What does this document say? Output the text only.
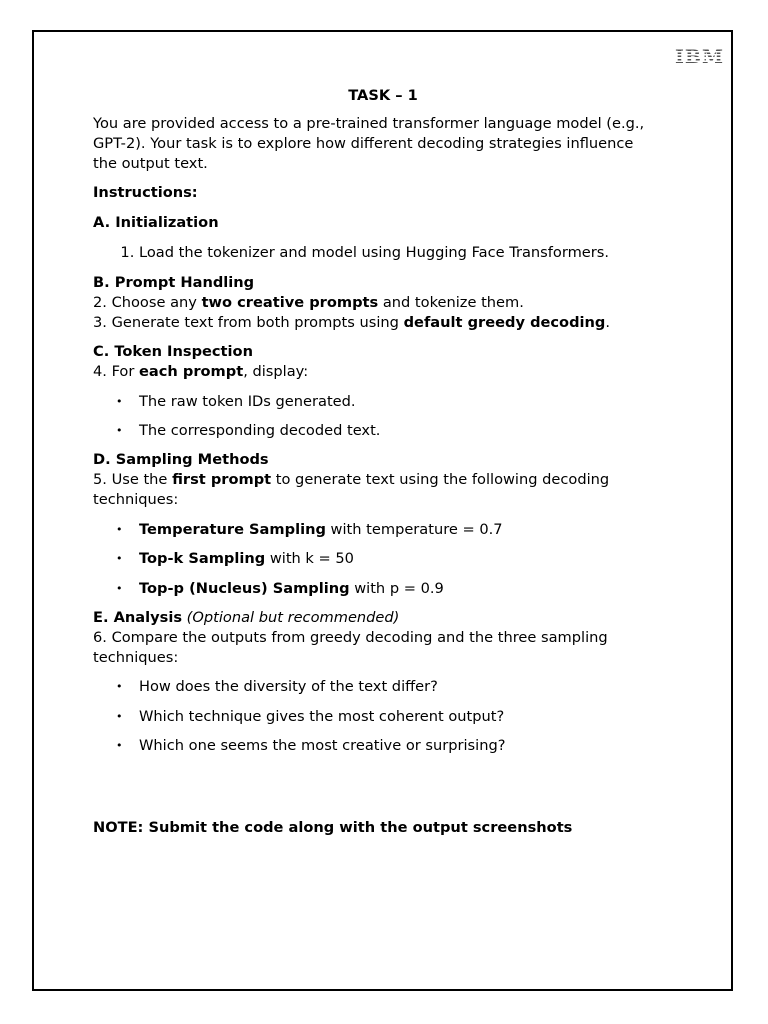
IBM

TASK – 1

You are provided access to a pre-trained transformer language model (e.g., GPT-2). Your task is to explore how different decoding strategies influence the output text.

Instructions:

A. Initialization

1. Load the tokenizer and model using Hugging Face Transformers.

B. Prompt Handling

2. Choose any two creative prompts and tokenize them.

3. Generate text from both prompts using default greedy decoding.

C. Token Inspection

4. For each prompt, display:

• The raw token IDs generated.
• The corresponding decoded text.

D. Sampling Methods

5. Use the first prompt to generate text using the following decoding techniques:

• Temperature Sampling with temperature = 0.7
• Top-k Sampling with k = 50
• Top-p (Nucleus) Sampling with p = 0.9

E. Analysis (Optional but recommended)

6. Compare the outputs from greedy decoding and the three sampling techniques:

• How does the diversity of the text differ?
• Which technique gives the most coherent output?
• Which one seems the most creative or surprising?

NOTE: Submit the code along with the output screenshots
